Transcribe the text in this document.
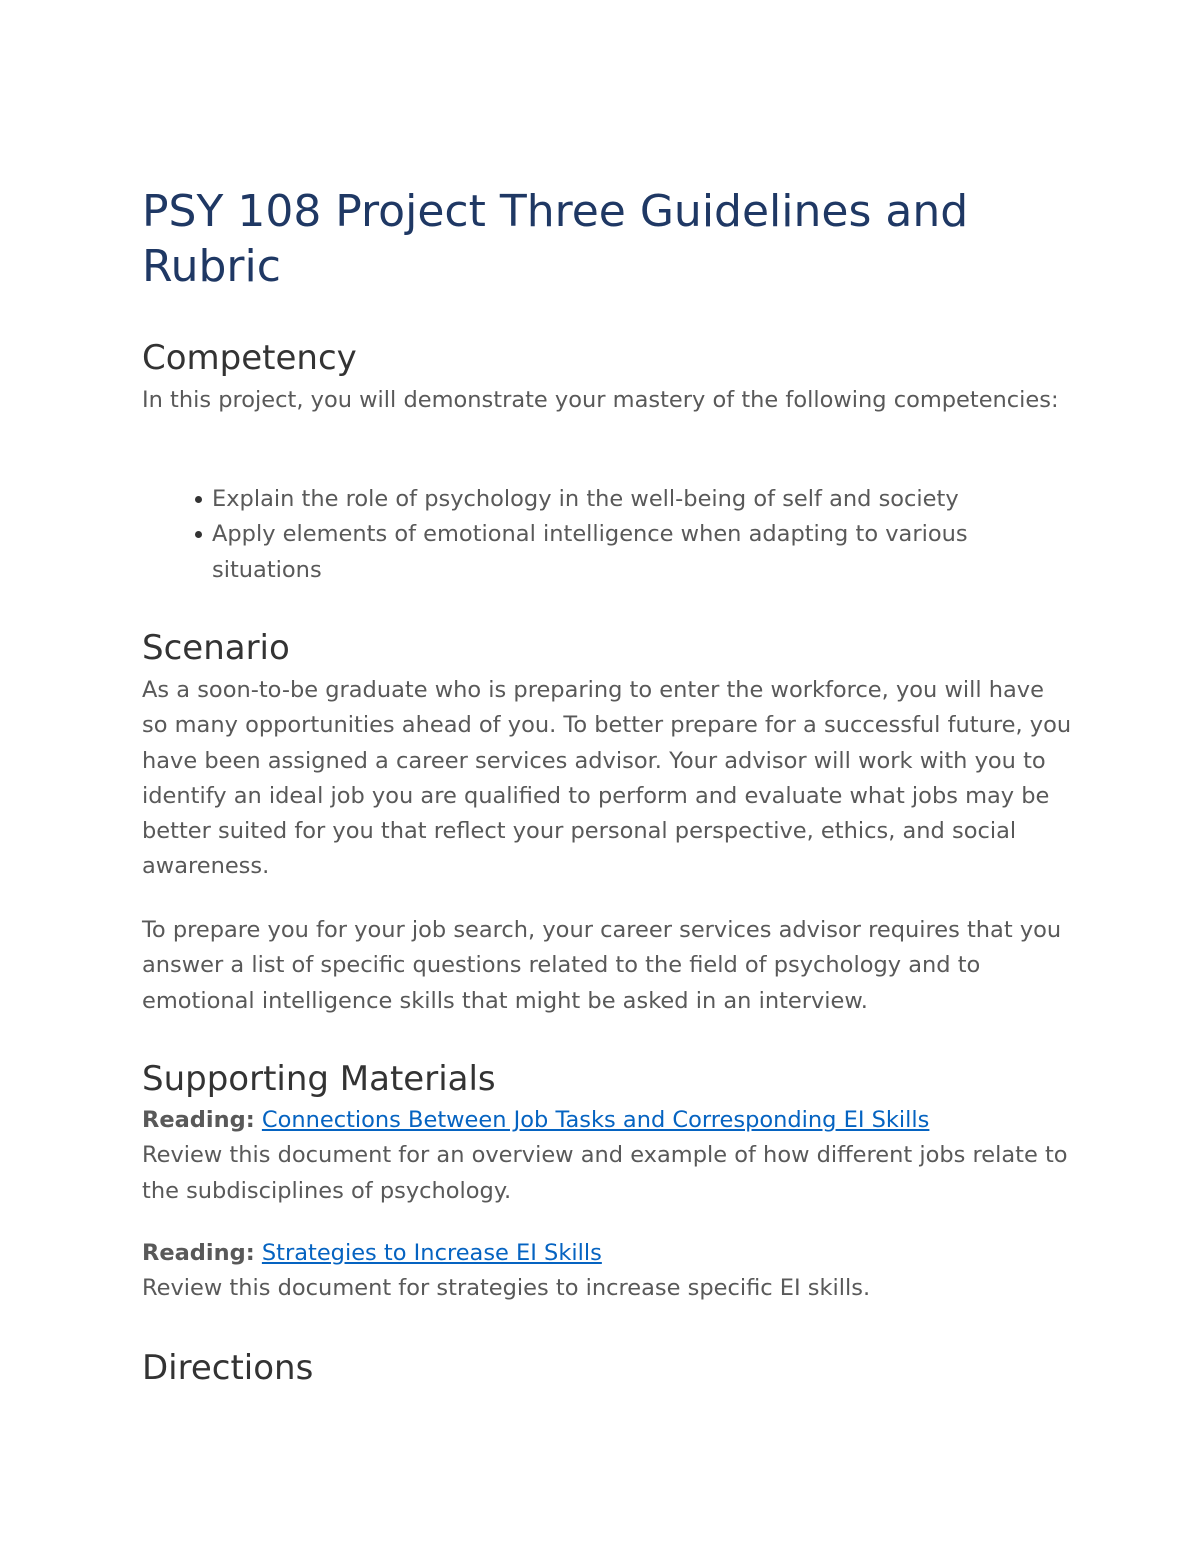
PSY 108 Project Three Guidelines and Rubric
Competency

In this project, you will demonstrate your mastery of the following competencies:

Explain the role of psychology in the well-being of self and society
Apply elements of emotional intelligence when adapting to various situations
Scenario

As a soon-to-be graduate who is preparing to enter the workforce, you will have so many opportunities ahead of you. To better prepare for a successful future, you have been assigned a career services advisor. Your advisor will work with you to identify an ideal job you are qualified to perform and evaluate what jobs may be better suited for you that reflect your personal perspective, ethics, and social awareness.

To prepare you for your job search, your career services advisor requires that you answer a list of specific questions related to the field of psychology and to emotional intelligence skills that might be asked in an interview.

Supporting Materials

Reading: Connections Between Job Tasks and Corresponding EI Skills
Review this document for an overview and example of how different jobs relate to the subdisciplines of psychology.

Reading: Strategies to Increase EI Skills
Review this document for strategies to increase specific EI skills.

Directions
